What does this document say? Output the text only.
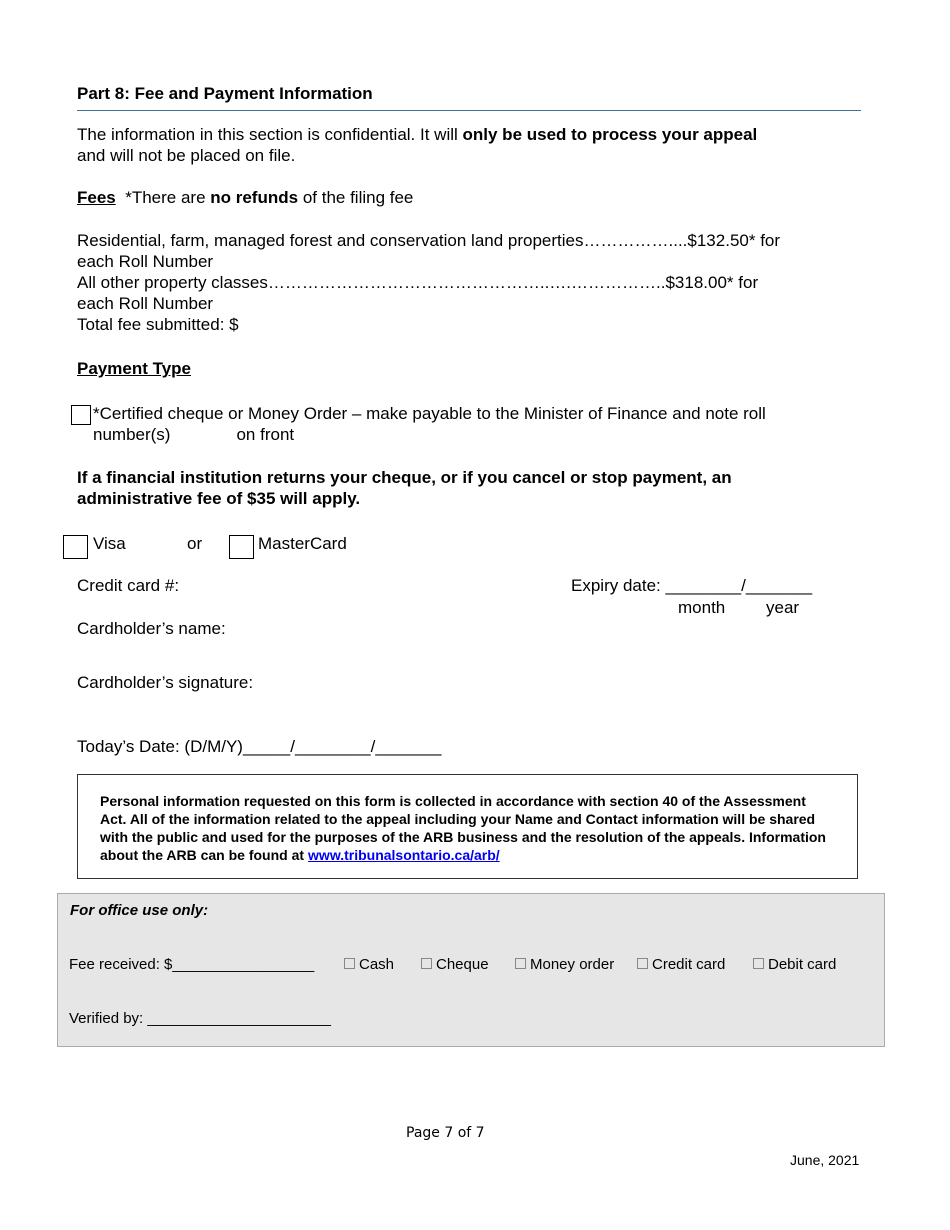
Part 8: Fee and Payment Information
The information in this section is confidential. It will only be used to process your appeal
and will not be placed on file.
Fees *There are no refunds of the filing fee
Residential, farm, managed forest and conservation land properties……………....$132.50* for
each Roll Number
All other property classes…………………………………………..….……………..$318.00* for
each Roll Number
Total fee submitted: $
Payment Type
*Certified cheque or Money Order – make payable to the Minister of Finance and note roll
number(s)	on front
If a financial institution returns your cheque, or if you cancel or stop payment, an
administrative fee of $35 will apply.
Visa	or	MasterCard
Credit card #:	Expiry date: ________/_______
month year
Cardholder’s name:
Cardholder’s signature:
Today’s Date: (D/M/Y)_____/________/_______
Personal information requested on this form is collected in accordance with section 40 of the Assessment Act. All of the information related to the appeal including your Name and Contact information will be shared with the public and used for the purposes of the ARB business and the resolution of the appeals. Information about the ARB can be found at www.tribunalsontario.ca/arb/
For office use only:
Fee received: $_________________	Cash	Cheque	Money order	Credit card	Debit card
Verified by: ______________________
Page 7 of 7
June, 2021
